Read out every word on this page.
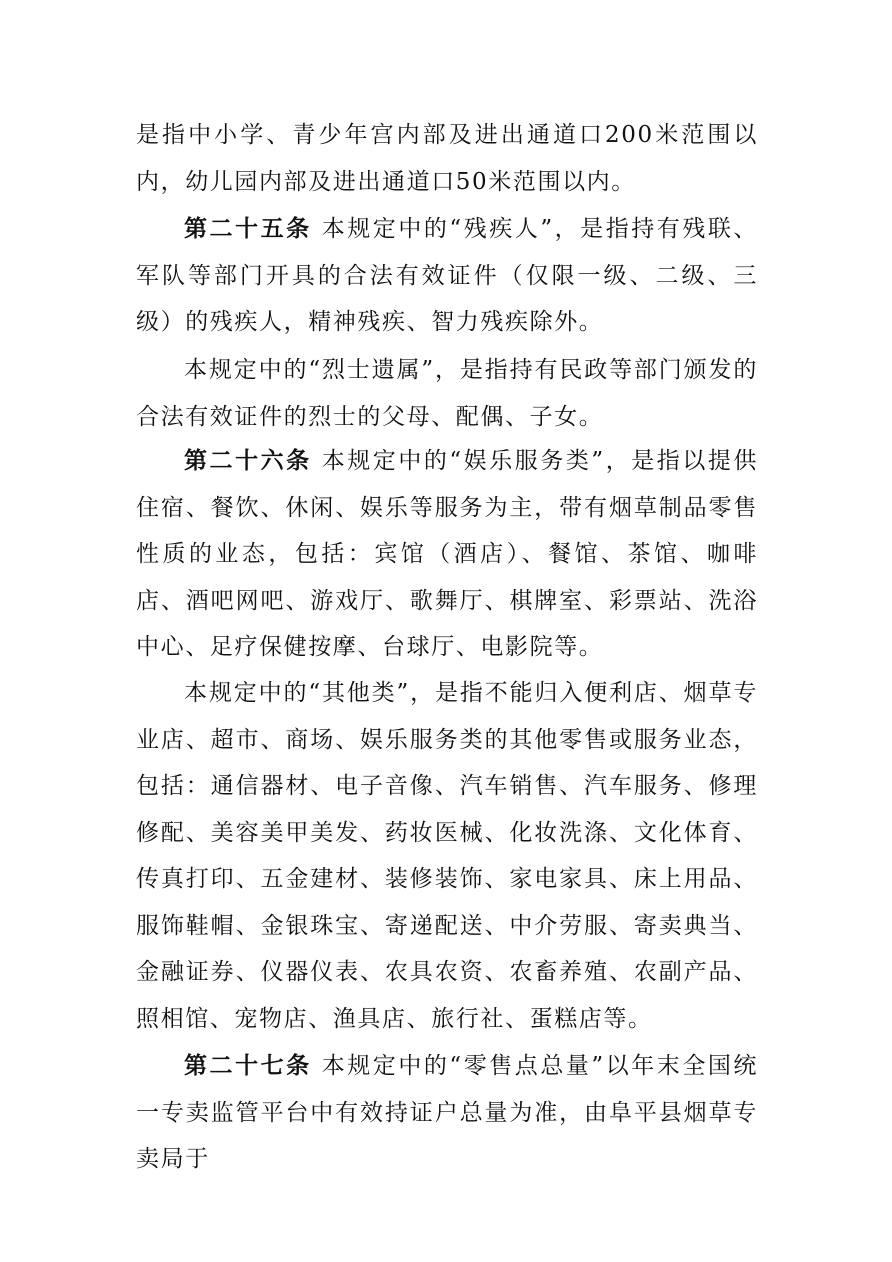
是指中小学、青少年宫内部及进出通道口200米范围以内，幼儿园内部及进出通道口50米范围以内。

第二十五条 本规定中的“残疾人”，是指持有残联、军队等部门开具的合法有效证件（仅限一级、二级、三级）的残疾人，精神残疾、智力残疾除外。

本规定中的“烈士遗属”，是指持有民政等部门颁发的合法有效证件的烈士的父母、配偶、子女。

第二十六条 本规定中的“娱乐服务类”，是指以提供住宿、餐饮、休闲、娱乐等服务为主，带有烟草制品零售性质的业态，包括：宾馆（酒店）、餐馆、茶馆、咖啡店、酒吧网吧、游戏厅、歌舞厅、棋牌室、彩票站、洗浴中心、足疗保健按摩、台球厅、电影院等。

本规定中的“其他类”，是指不能归入便利店、烟草专业店、超市、商场、娱乐服务类的其他零售或服务业态，包括：通信器材、电子音像、汽车销售、汽车服务、修理修配、美容美甲美发、药妆医械、化妆洗涤、文化体育、传真打印、五金建材、装修装饰、家电家具、床上用品、服饰鞋帽、金银珠宝、寄递配送、中介劳服、寄卖典当、金融证券、仪器仪表、农具农资、农畜养殖、农副产品、照相馆、宠物店、渔具店、旅行社、蛋糕店等。

第二十七条 本规定中的“零售点总量”以年末全国统一专卖监管平台中有效持证户总量为准，由阜平县烟草专卖局于
